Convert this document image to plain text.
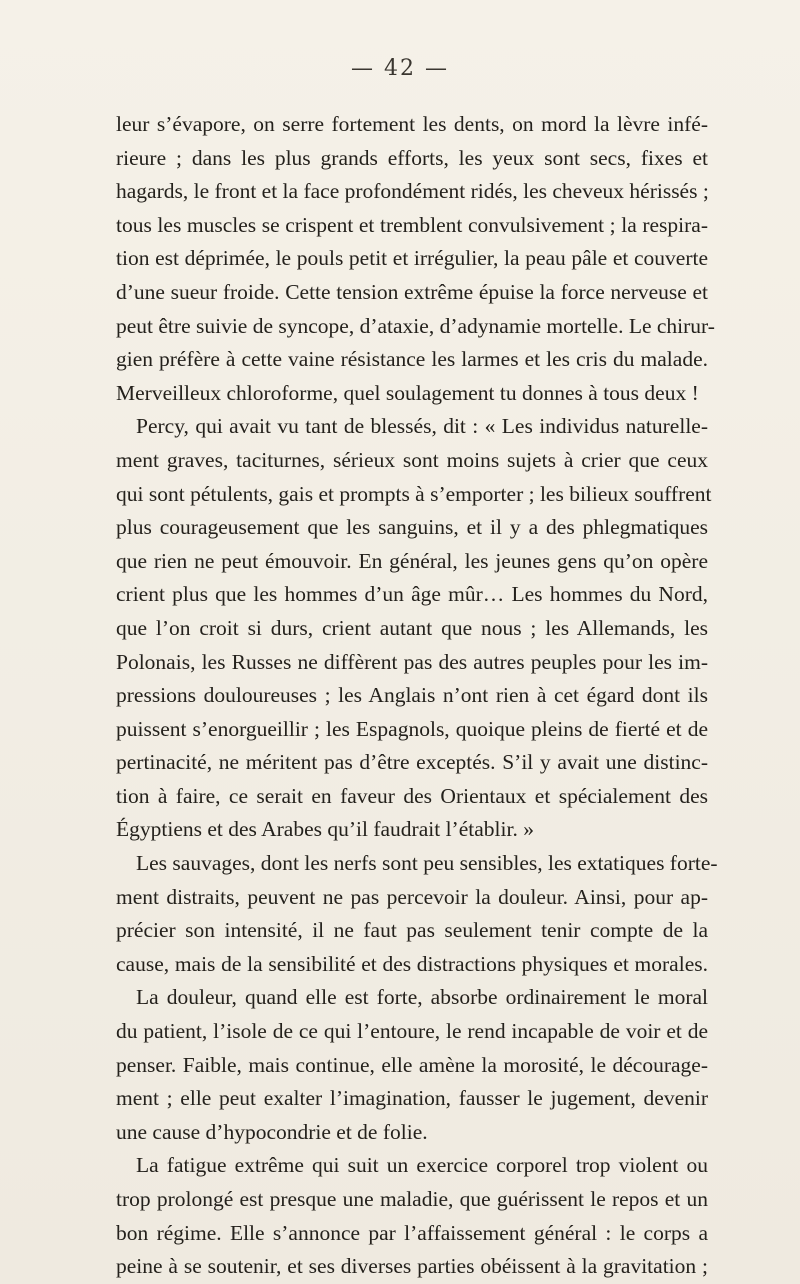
— 42 —
leur s’évapore, on serre fortement les dents, on mord la lèvre infé-
rieure ; dans les plus grands efforts, les yeux sont secs, fixes et
hagards, le front et la face profondément ridés, les cheveux hérissés ;
tous les muscles se crispent et tremblent convulsivement ; la respira-
tion est déprimée, le pouls petit et irrégulier, la peau pâle et couverte
d’une sueur froide. Cette tension extrême épuise la force nerveuse et
peut être suivie de syncope, d’ataxie, d’adynamie mortelle. Le chirur-
gien préfère à cette vaine résistance les larmes et les cris du malade.
Merveilleux chloroforme, quel soulagement tu donnes à tous deux !
Percy, qui avait vu tant de blessés, dit : « Les individus naturelle-
ment graves, taciturnes, sérieux sont moins sujets à crier que ceux
qui sont pétulents, gais et prompts à s’emporter ; les bilieux souffrent
plus courageusement que les sanguins, et il y a des phlegmatiques
que rien ne peut émouvoir. En général, les jeunes gens qu’on opère
crient plus que les hommes d’un âge mûr… Les hommes du Nord,
que l’on croit si durs, crient autant que nous ; les Allemands, les
Polonais, les Russes ne diffèrent pas des autres peuples pour les im-
pressions douloureuses ; les Anglais n’ont rien à cet égard dont ils
puissent s’enorgueillir ; les Espagnols, quoique pleins de fierté et de
pertinacité, ne méritent pas d’être exceptés. S’il y avait une distinc-
tion à faire, ce serait en faveur des Orientaux et spécialement des
Égyptiens et des Arabes qu’il faudrait l’établir. »
Les sauvages, dont les nerfs sont peu sensibles, les extatiques forte-
ment distraits, peuvent ne pas percevoir la douleur. Ainsi, pour ap-
précier son intensité, il ne faut pas seulement tenir compte de la
cause, mais de la sensibilité et des distractions physiques et morales.
La douleur, quand elle est forte, absorbe ordinairement le moral
du patient, l’isole de ce qui l’entoure, le rend incapable de voir et de
penser. Faible, mais continue, elle amène la morosité, le décourage-
ment ; elle peut exalter l’imagination, fausser le jugement, devenir
une cause d’hypocondrie et de folie.
La fatigue extrême qui suit un exercice corporel trop violent ou
trop prolongé est presque une maladie, que guérissent le repos et un
bon régime. Elle s’annonce par l’affaissement général : le corps a
peine à se soutenir, et ses diverses parties obéissent à la gravitation ;
